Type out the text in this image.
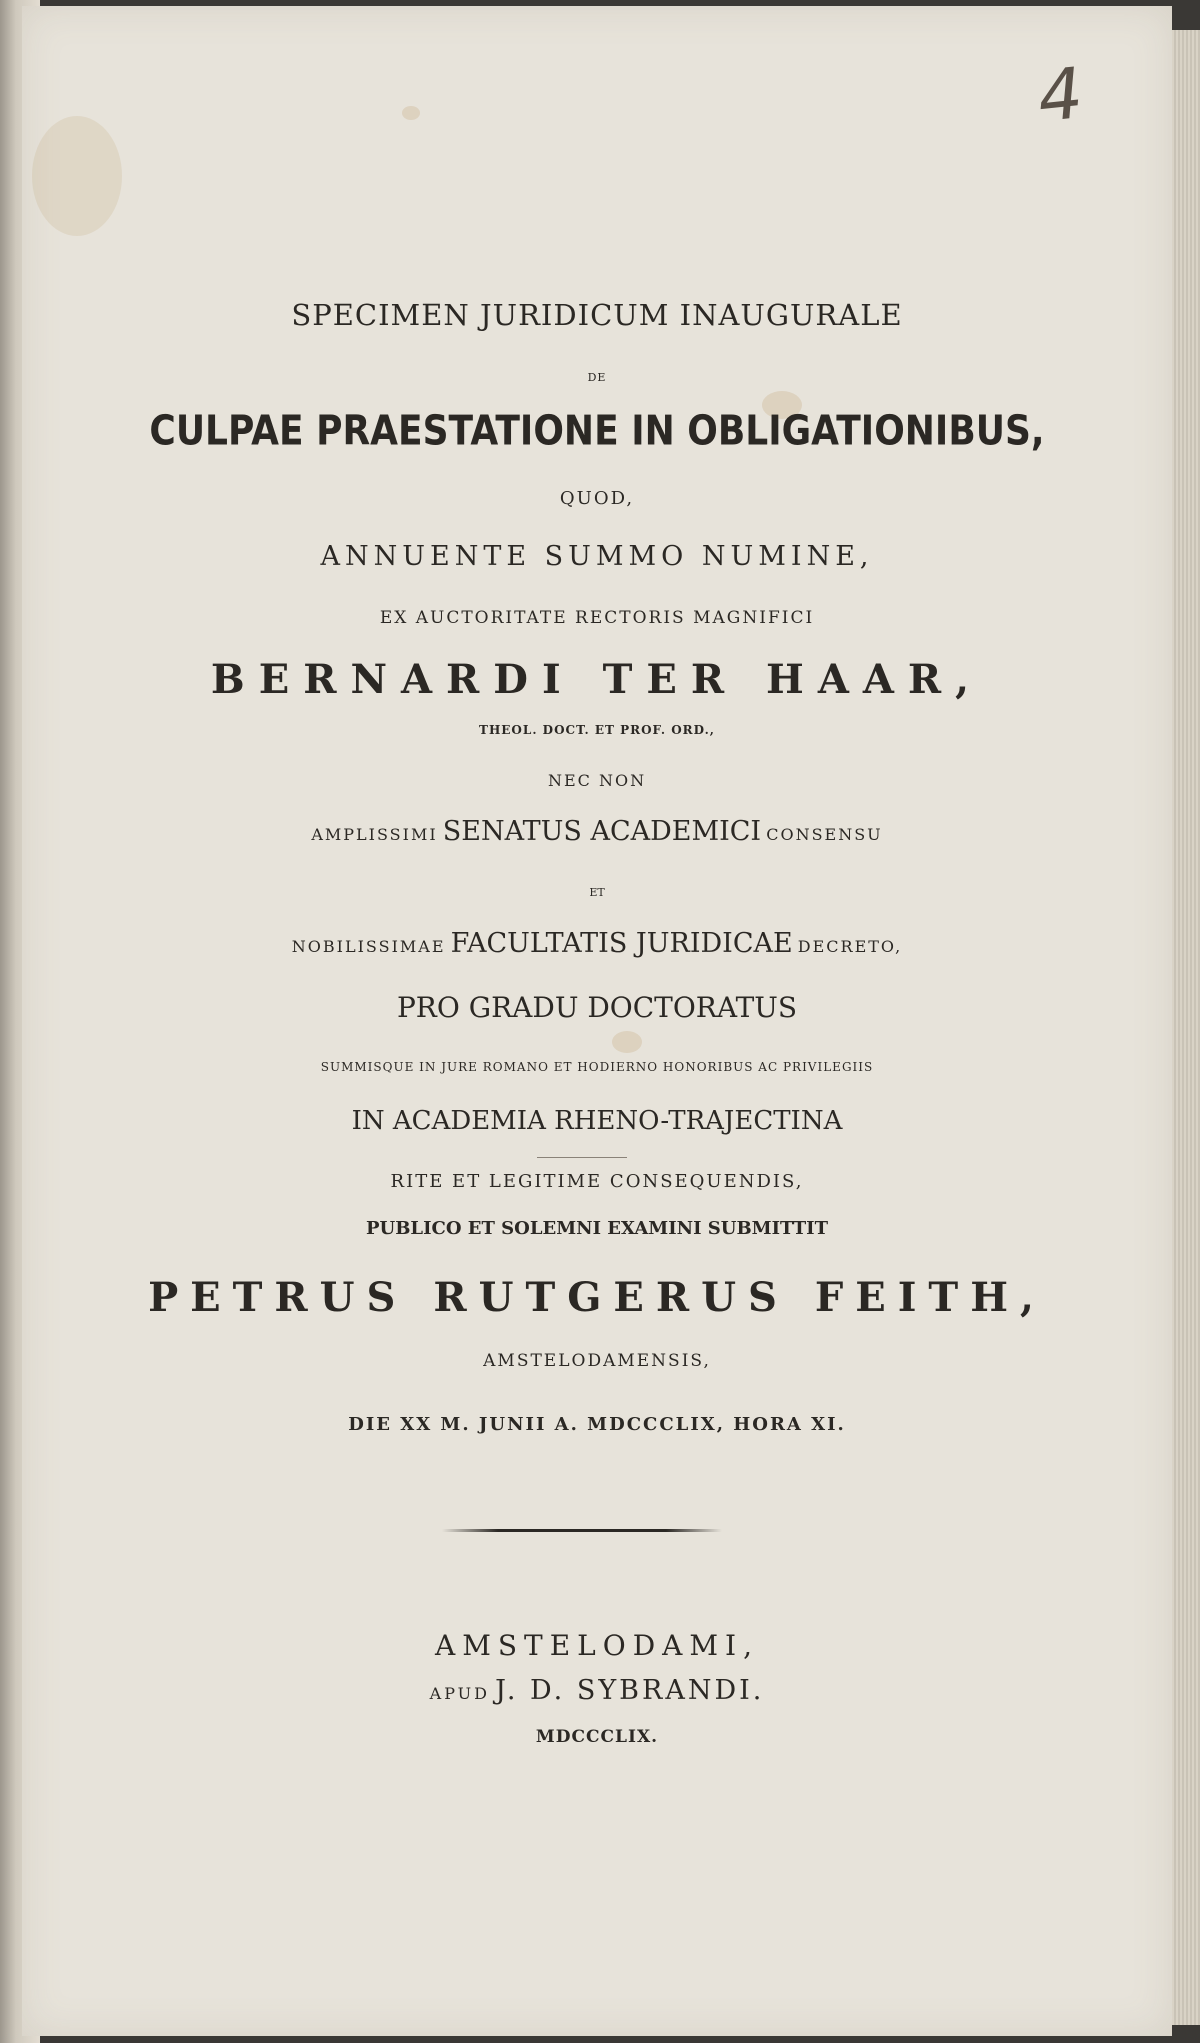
4
SPECIMEN JURIDICUM INAUGURALE
DE
CULPAE PRAESTATIONE IN OBLIGATIONIBUS,
QUOD,
ANNUENTE SUMMO NUMINE,
EX AUCTORITATE RECTORIS MAGNIFICI
BERNARDI TER HAAR,
THEOL. DOCT. ET PROF. ORD.,
NEC NON
AMPLISSIMI SENATUS ACADEMICI CONSENSU
ET
NOBILISSIMAE FACULTATIS JURIDICAE DECRETO,
PRO GRADU DOCTORATUS
SUMMISQUE IN JURE ROMANO ET HODIERNO HONORIBUS AC PRIVILEGIIS
IN ACADEMIA RHENO-TRAJECTINA
RITE ET LEGITIME CONSEQUENDIS,
PUBLICO ET SOLEMNI EXAMINI SUBMITTIT
PETRUS RUTGERUS FEITH,
AMSTELODAMENSIS,
DIE XX M. JUNII A. MDCCCLIX, HORA XI.
AMSTELODAMI,
APUD J. D. SYBRANDI.
MDCCCLIX.
